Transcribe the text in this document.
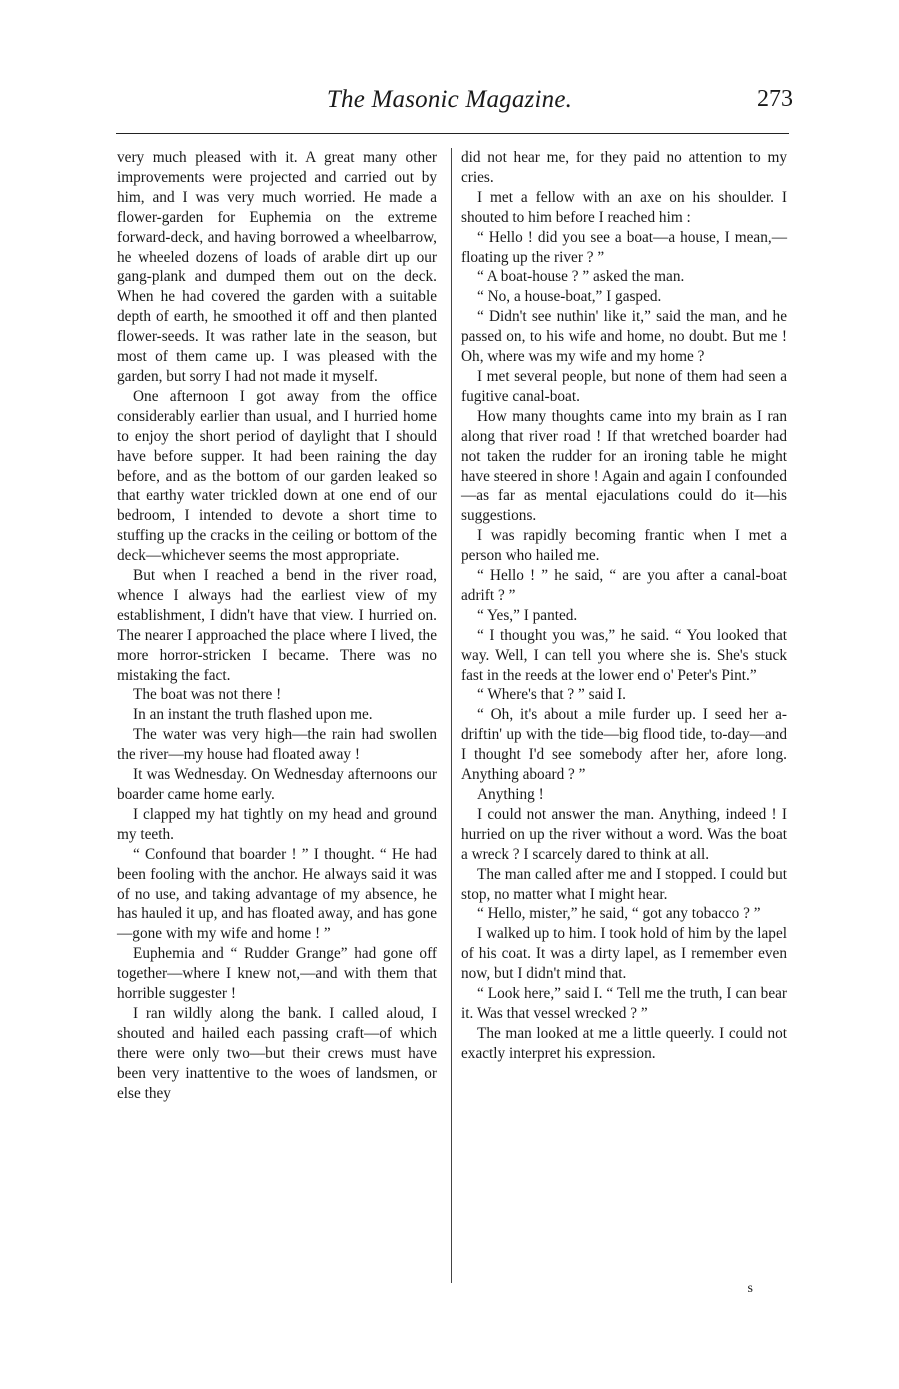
The Masonic Magazine.	273

very much pleased with it. A great many other improvements were projected and carried out by him, and I was very much worried. He made a flower-garden for Euphemia on the extreme forward-deck, and having borrowed a wheelbarrow, he wheeled dozens of loads of arable dirt up our gang-plank and dumped them out on the deck. When he had covered the garden with a suitable depth of earth, he smoothed it off and then planted flower-seeds. It was rather late in the season, but most of them came up. I was pleased with the garden, but sorry I had not made it myself.

One afternoon I got away from the office considerably earlier than usual, and I hurried home to enjoy the short period of daylight that I should have before supper. It had been raining the day before, and as the bottom of our garden leaked so that earthy water trickled down at one end of our bedroom, I intended to devote a short time to stuffing up the cracks in the ceiling or bottom of the deck—whichever seems the most appropriate.

But when I reached a bend in the river road, whence I always had the earliest view of my establishment, I didn't have that view. I hurried on. The nearer I approached the place where I lived, the more horror-stricken I became. There was no mistaking the fact.

The boat was not there !

In an instant the truth flashed upon me.

The water was very high—the rain had swollen the river—my house had floated away !

It was Wednesday. On Wednesday afternoons our boarder came home early.

I clapped my hat tightly on my head and ground my teeth.

“ Confound that boarder ! ” I thought. “ He had been fooling with the anchor. He always said it was of no use, and taking advantage of my absence, he has hauled it up, and has floated away, and has gone—gone with my wife and home ! ”

Euphemia and “ Rudder Grange” had gone off together—where I knew not,—and with them that horrible suggester !

I ran wildly along the bank. I called aloud, I shouted and hailed each passing craft—of which there were only two—but their crews must have been very inattentive to the woes of landsmen, or else they

did not hear me, for they paid no attention to my cries.

I met a fellow with an axe on his shoulder. I shouted to him before I reached him :

“ Hello ! did you see a boat—a house, I mean,—floating up the river ? ”

“ A boat-house ? ” asked the man.

“ No, a house-boat,” I gasped.

“ Didn't see nuthin' like it,” said the man, and he passed on, to his wife and home, no doubt. But me ! Oh, where was my wife and my home ?

I met several people, but none of them had seen a fugitive canal-boat.

How many thoughts came into my brain as I ran along that river road ! If that wretched boarder had not taken the rudder for an ironing table he might have steered in shore ! Again and again I confounded—as far as mental ejaculations could do it—his suggestions.

I was rapidly becoming frantic when I met a person who hailed me.

“ Hello ! ” he said, “ are you after a canal-boat adrift ? ”

“ Yes,” I panted.

“ I thought you was,” he said. “ You looked that way. Well, I can tell you where she is. She's stuck fast in the reeds at the lower end o' Peter's Pint.”

“ Where's that ? ” said I.

“ Oh, it's about a mile furder up. I seed her a-driftin' up with the tide—big flood tide, to-day—and I thought I'd see somebody after her, afore long. Anything aboard ? ”

Anything !

I could not answer the man. Anything, indeed ! I hurried on up the river without a word. Was the boat a wreck ? I scarcely dared to think at all.

The man called after me and I stopped. I could but stop, no matter what I might hear.

“ Hello, mister,” he said, “ got any tobacco ? ”

I walked up to him. I took hold of him by the lapel of his coat. It was a dirty lapel, as I remember even now, but I didn't mind that.

“ Look here,” said I. “ Tell me the truth, I can bear it. Was that vessel wrecked ? ”

The man looked at me a little queerly. I could not exactly interpret his expression.

s
